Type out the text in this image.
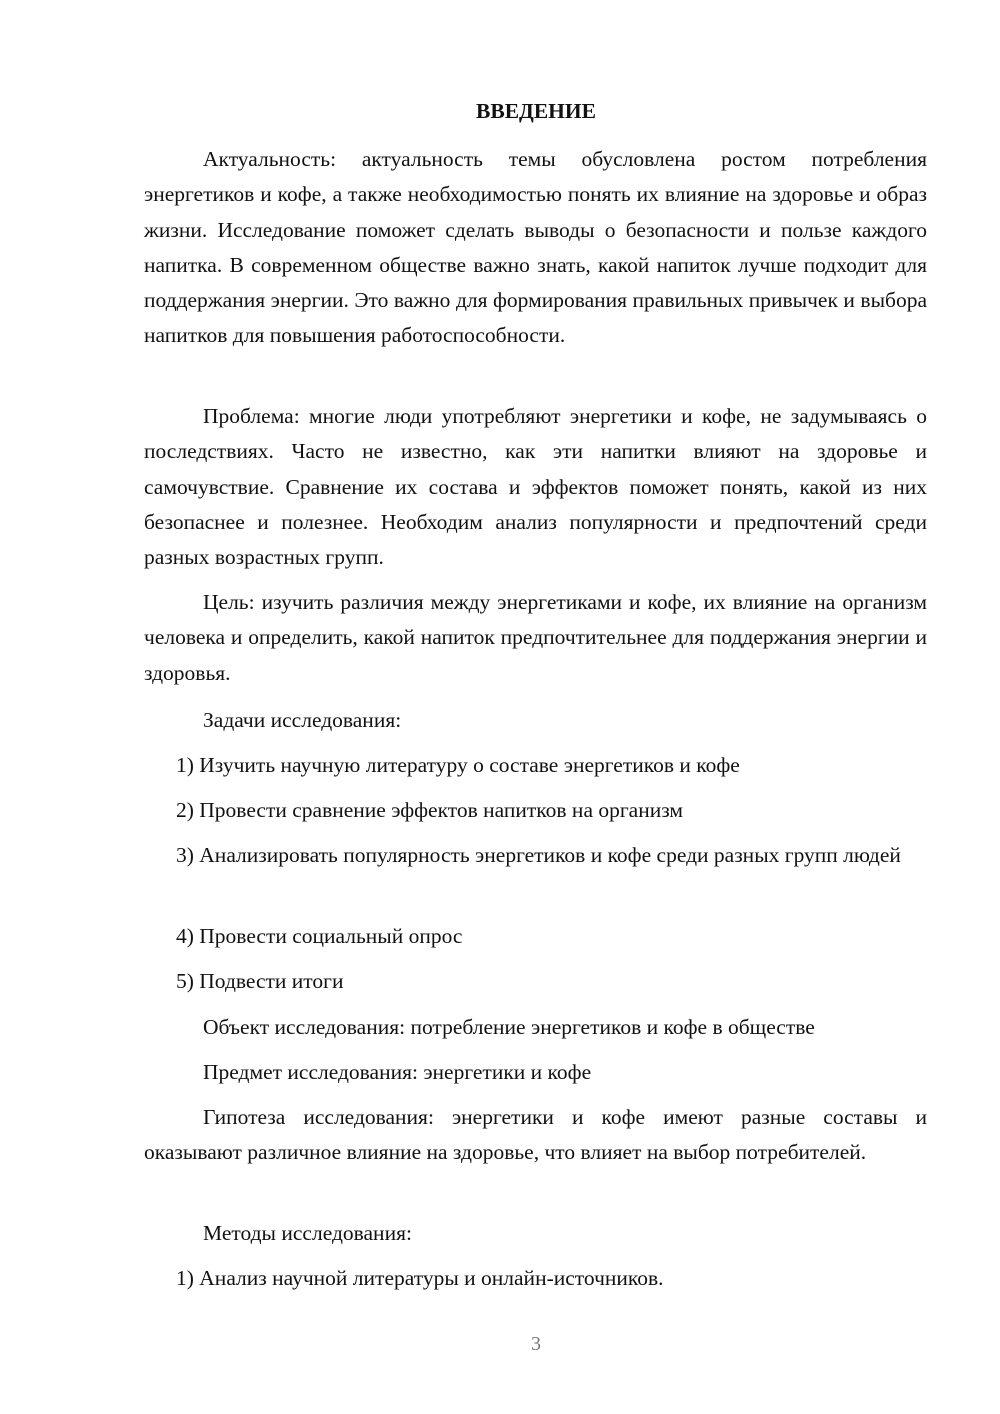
ВВЕДЕНИЕ

Актуальность: актуальность темы обусловлена ростом потребления энергетиков и кофе, а также необходимостью понять их влияние на здоровье и образ жизни. Исследование поможет сделать выводы о безопасности и пользе каждого напитка. В современном обществе важно знать, какой напиток лучше подходит для поддержания энергии. Это важно для формирования правильных привычек и выбора напитков для повышения работоспособности.

Проблема: многие люди употребляют энергетики и кофе, не задумываясь о последствиях. Часто не известно, как эти напитки влияют на здоровье и самочувствие. Сравнение их состава и эффектов поможет понять, какой из них безопаснее и полезнее. Необходим анализ популярности и предпочтений среди разных возрастных групп.

Цель: изучить различия между энергетиками и кофе, их влияние на организм человека и определить, какой напиток предпочтительнее для поддержания энергии и здоровья.

Задачи исследования:
1) Изучить научную литературу о составе энергетиков и кофе
2) Провести сравнение эффектов напитков на организм

3) Анализировать популярность энергетиков и кофе среди разных групп людей

4) Провести социальный опрос
5) Подвести итоги
Объект исследования: потребление энергетиков и кофе в обществе
Предмет исследования: энергетики и кофе

Гипотеза исследования: энергетики и кофе имеют разные составы и оказывают различное влияние на здоровье, что влияет на выбор потребителей.

Методы исследования:
1) Анализ научной литературы и онлайн-источников.
3
